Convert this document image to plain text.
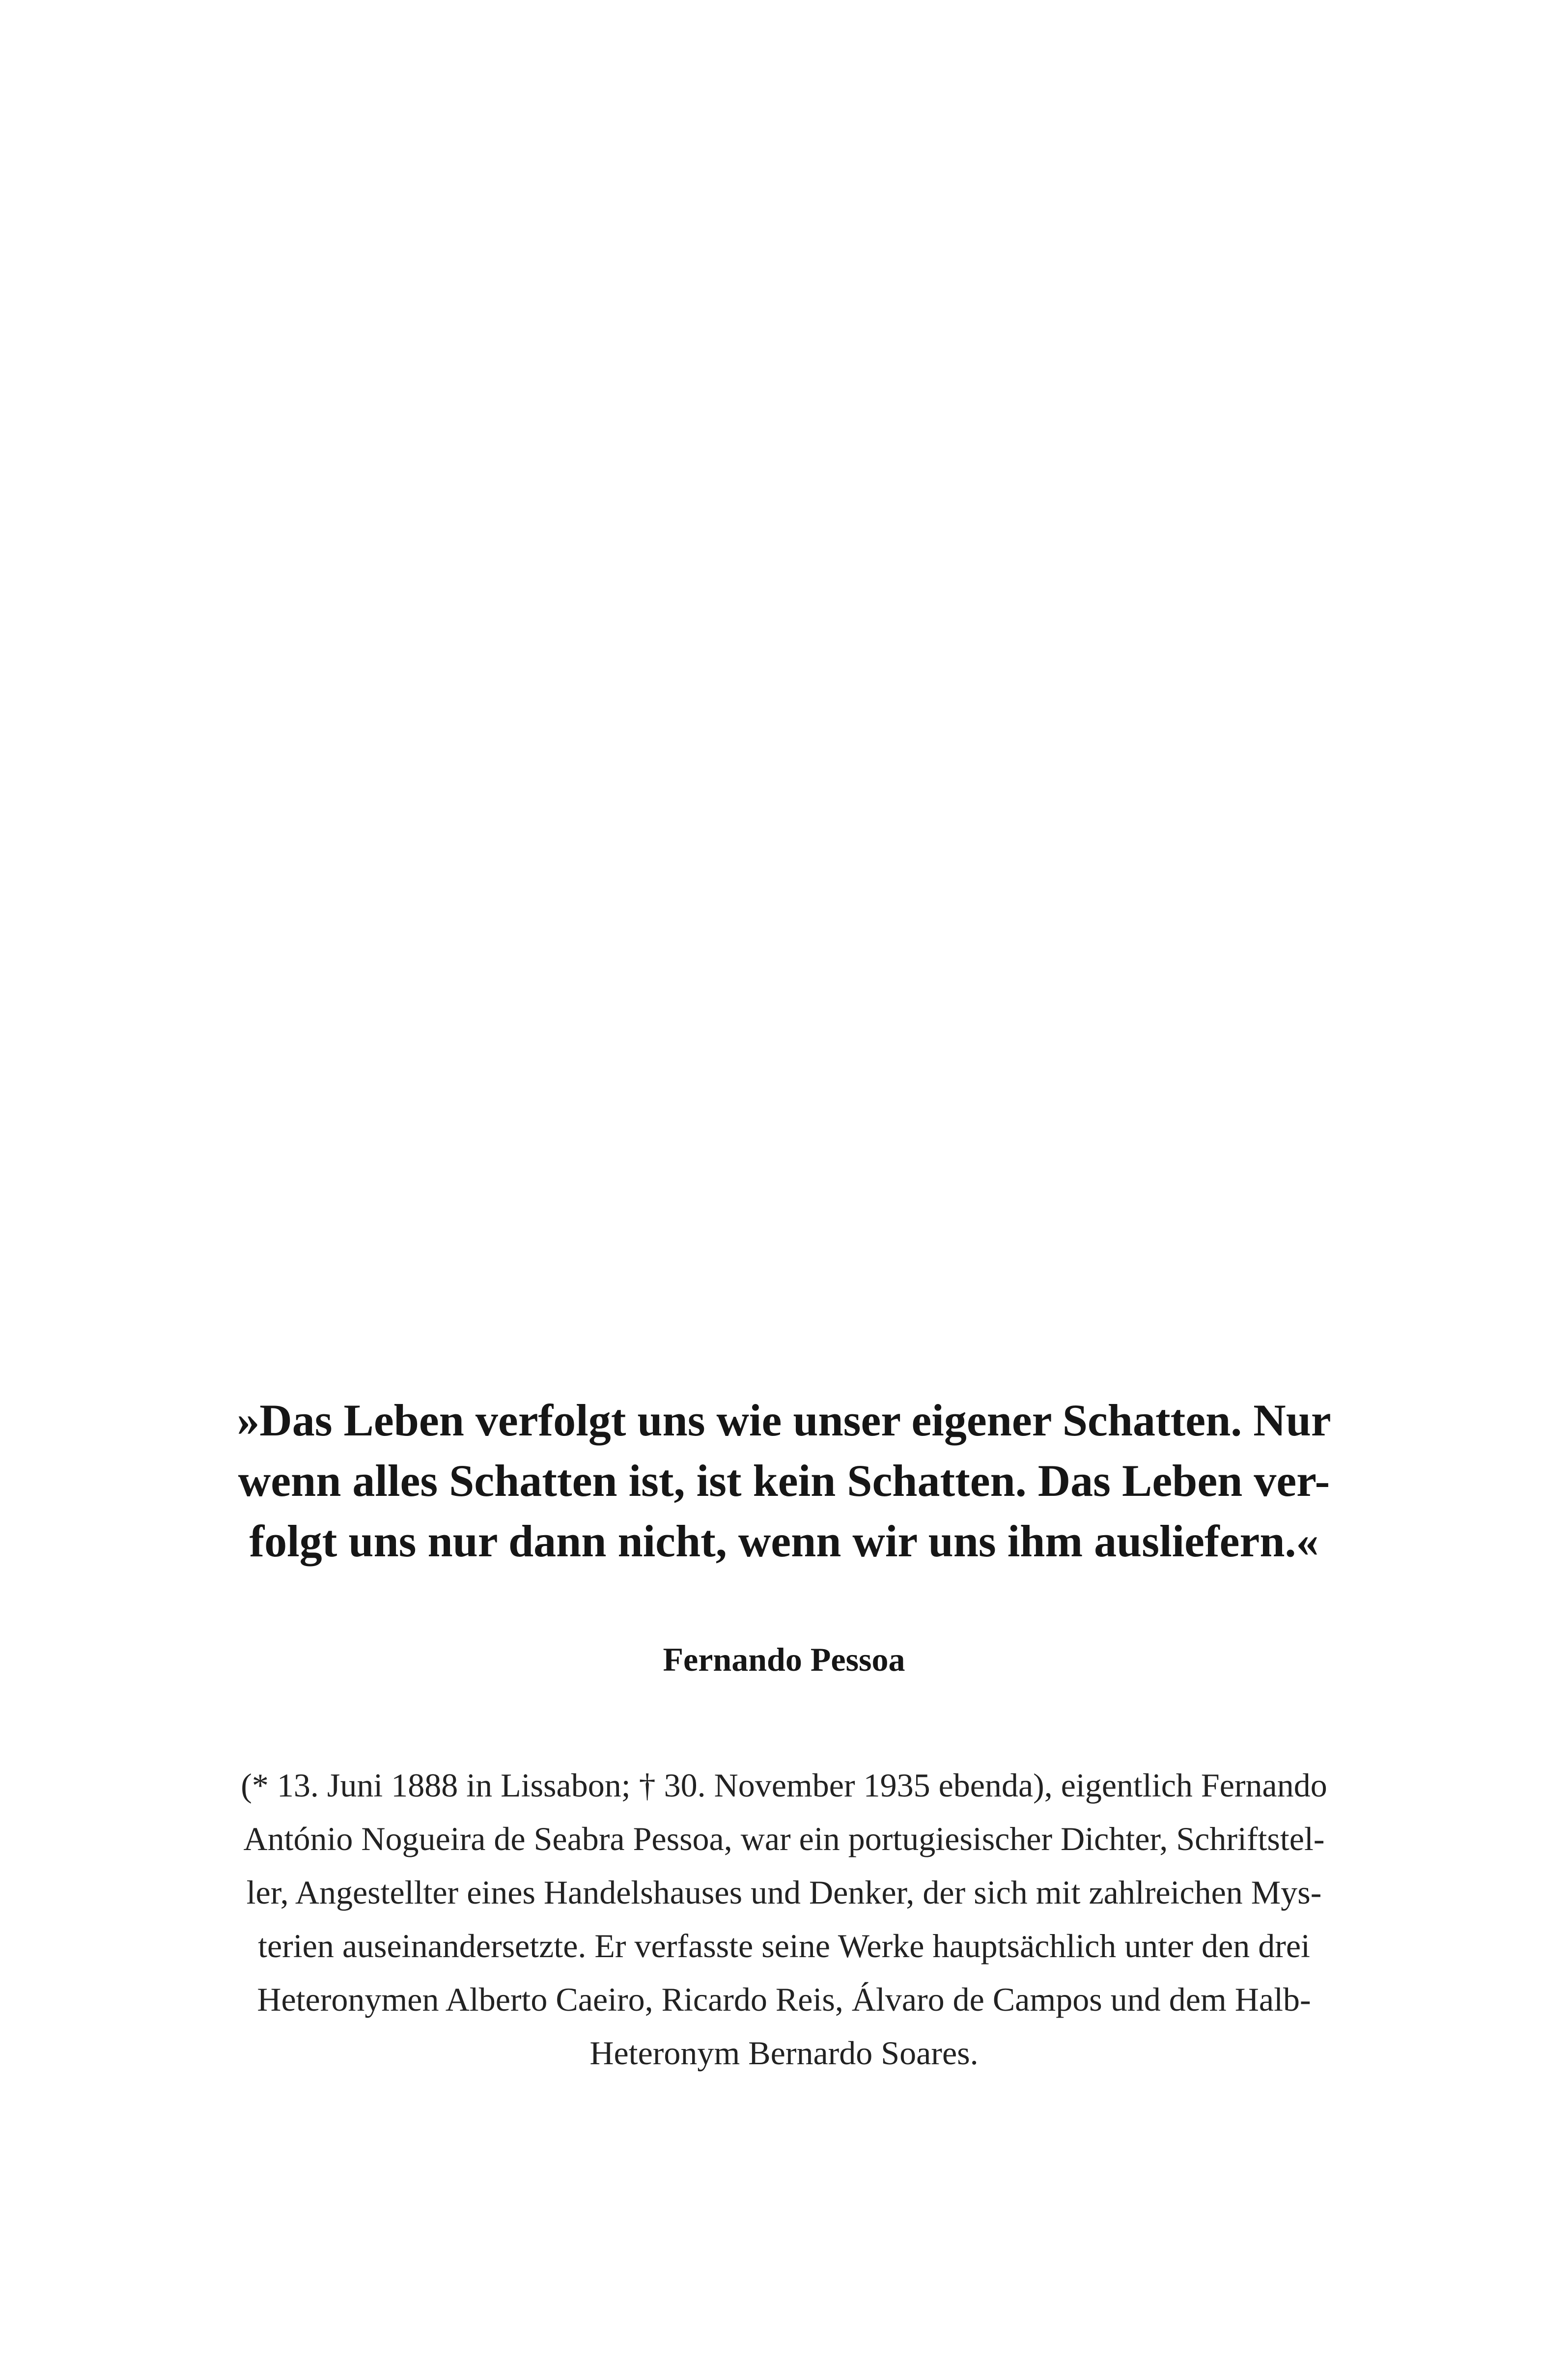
»Das Leben verfolgt uns wie unser eigener Schatten. Nur
wenn alles Schatten ist, ist kein Schatten. Das Leben ver-
folgt uns nur dann nicht, wenn wir uns ihm ausliefern.«
Fernando Pessoa
(* 13. Juni 1888 in Lissabon; † 30. November 1935 ebenda), eigentlich Fernando
António Nogueira de Seabra Pessoa, war ein portugiesischer Dichter, Schriftstel-
ler, Angestellter eines Handelshauses und Denker, der sich mit zahlreichen Mys-
terien auseinandersetzte. Er verfasste seine Werke hauptsächlich unter den drei
Heteronymen Alberto Caeiro, Ricardo Reis, Álvaro de Campos und dem Halb-
Heteronym Bernardo Soares.
